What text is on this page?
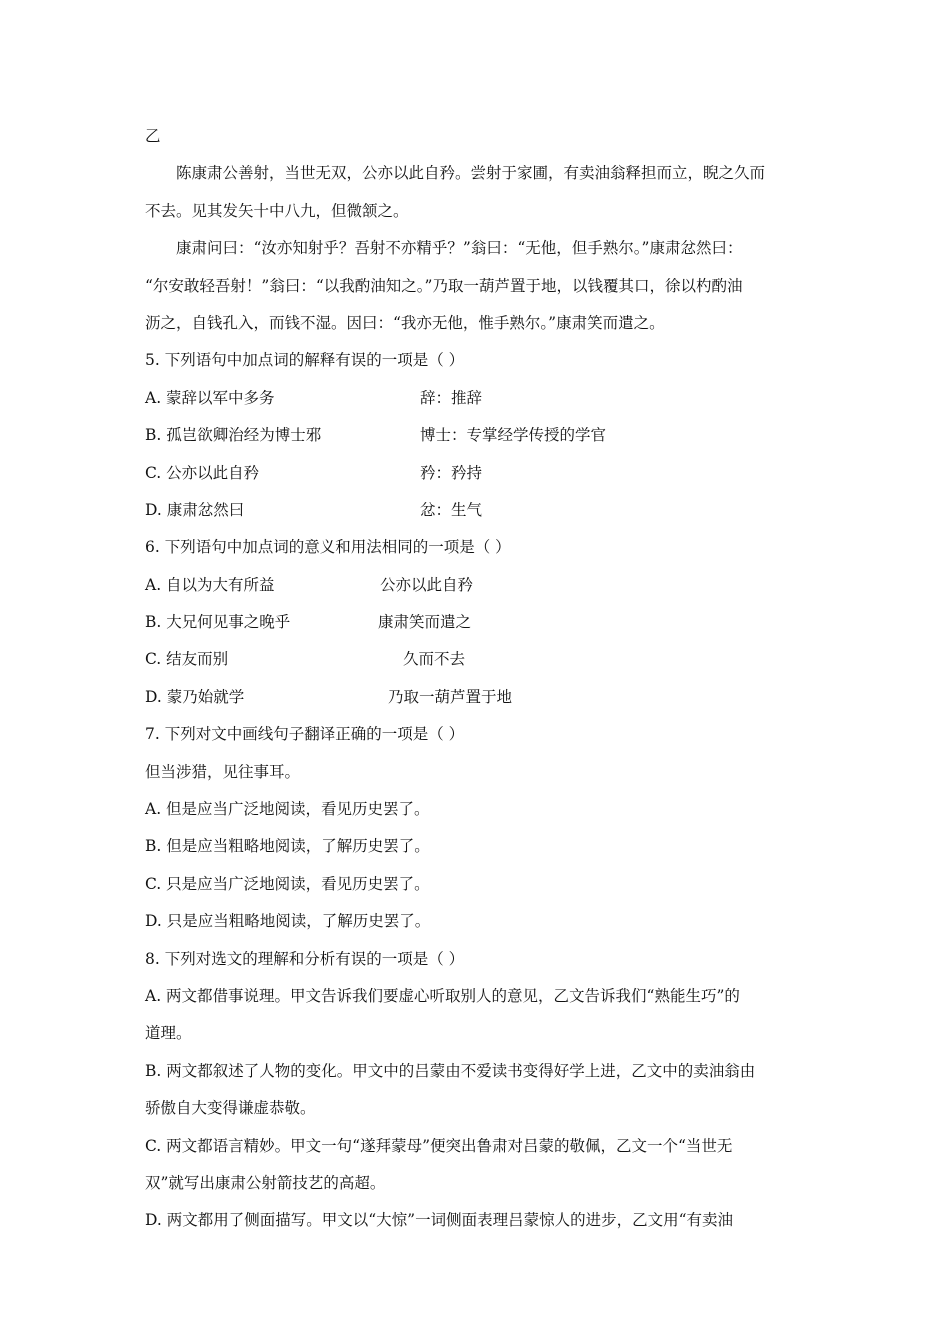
乙
陈康肃公善射，当世无双，公亦以此自矜。尝射于家圃，有卖油翁释担而立，睨之久而
不去。见其发矢十中八九，但微颔之。
康肃问曰：“汝亦知射乎？吾射不亦精乎？”翁曰：“无他，但手熟尔。”康肃忿然曰：
“尔安敢轻吾射！”翁曰：“以我酌油知之。”乃取一葫芦置于地，以钱覆其口，徐以杓酌油
沥之，自钱孔入，而钱不湿。因曰：“我亦无他，惟手熟尔。”康肃笑而遣之。
5. 下列语句中加点词的解释有误的一项是（ ）
A. 蒙辞以军中多务	辞：推辞
B. 孤岂欲卿治经为博士邪	博士：专掌经学传授的学官
C. 公亦以此自矜	矜：矜持
D. 康肃忿然曰	忿：生气
6. 下列语句中加点词的意义和用法相同的一项是（ ）
A. 自以为大有所益	公亦以此自矜
B. 大兄何见事之晚乎	康肃笑而遣之
C. 结友而别	久而不去
D. 蒙乃始就学	乃取一葫芦置于地
7. 下列对文中画线句子翻译正确的一项是（ ）
但当涉猎，见往事耳。
A. 但是应当广泛地阅读，看见历史罢了。
B. 但是应当粗略地阅读，了解历史罢了。
C. 只是应当广泛地阅读，看见历史罢了。
D. 只是应当粗略地阅读，了解历史罢了。
8. 下列对选文的理解和分析有误的一项是（ ）
A. 两文都借事说理。甲文告诉我们要虚心听取别人的意见，乙文告诉我们“熟能生巧”的
道理。
B. 两文都叙述了人物的变化。甲文中的吕蒙由不爱读书变得好学上进，乙文中的卖油翁由
骄傲自大变得谦虚恭敬。
C. 两文都语言精妙。甲文一句“遂拜蒙母”便突出鲁肃对吕蒙的敬佩，乙文一个“当世无
双”就写出康肃公射箭技艺的高超。
D. 两文都用了侧面描写。甲文以“大惊”一词侧面表理吕蒙惊人的进步，乙文用“有卖油
